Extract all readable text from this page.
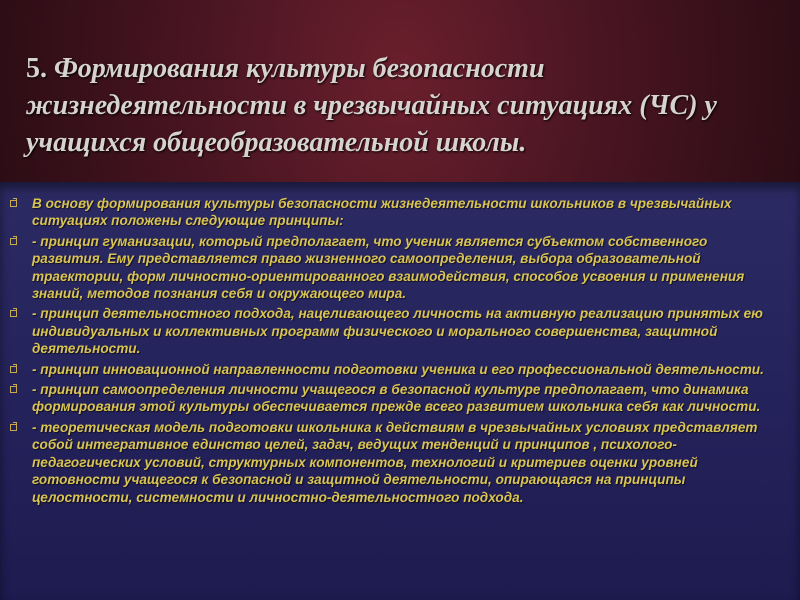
5. Формирования культуры безопасности жизнедеятельности в чрезвычайных ситуациях (ЧС) у учащихся общеобразовательной школы.
В основу формирования культуры безопасности жизнедеятельности школьников в чрезвычайных ситуациях положены следующие принципы:
- принцип гуманизации, который предполагает, что ученик является субъектом собственного развития. Ему представляется право жизненного самоопределения, выбора образовательной траектории, форм личностно-ориентированного взаимодействия, способов усвоения и применения знаний, методов познания себя и окружающего мира.
- принцип деятельностного подхода, нацеливающего личность на активную реализацию принятых ею индивидуальных и коллективных программ физического и морального совершенства, защитной деятельности.
- принцип инновационной направленности подготовки ученика и его профессиональной деятельности.
- принцип самоопределения личности учащегося в безопасной культуре предполагает, что динамика формирования этой культуры обеспечивается прежде всего развитием школьника себя как личности.
- теоретическая модель подготовки школьника к действиям в чрезвычайных условиях представляет собой интегративное единство целей, задач, ведущих тенденций и принципов , психолого-педагогических условий, структурных компонентов, технологий и критериев оценки уровней готовности учащегося к безопасной и защитной деятельности, опирающаяся на принципы целостности, системности и личностно-деятельностного подхода.
